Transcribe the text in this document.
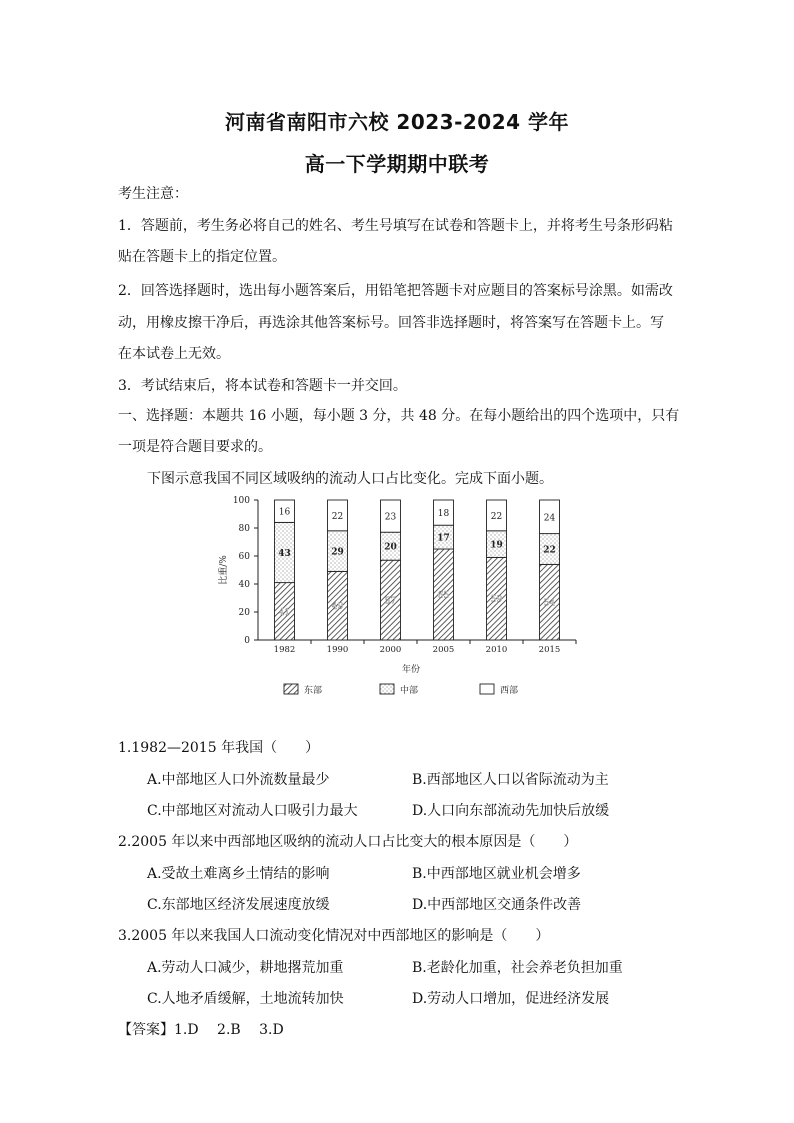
河南省南阳市六校 2023-2024 学年
高一下学期期中联考
考生注意：
1．答题前，考生务必将自己的姓名、考生号填写在试卷和答题卡上，并将考生号条形码粘
贴在答题卡上的指定位置。
2．回答选择题时，选出每小题答案后，用铅笔把答题卡对应题目的答案标号涂黑。如需改
动，用橡皮擦干净后，再选涂其他答案标号。回答非选择题时，将答案写在答题卡上。写
在本试卷上无效。
3．考试结束后，将本试卷和答题卡一并交回。
一、选择题：本题共 16 小题，每小题 3 分，共 48 分。在每小题给出的四个选项中，只有
一项是符合题目要求的。
下图示意我国不同区域吸纳的流动人口占比变化。完成下面小题。
0
20
40
60
80
100
比重/%
41
43
16
1982
49
29
22
1990
57
20
23
2000
65
17
18
2005
59
19
22
2010
54
22
24
2015
年份
东部	中部	西部
1.1982—2015 年我国（　　）
A.中部地区人口外流数量最少	B.西部地区人口以省际流动为主
C.中部地区对流动人口吸引力最大	D.人口向东部流动先加快后放缓
2.2005 年以来中西部地区吸纳的流动人口占比变大的根本原因是（　　）
A.受故土难离乡土情结的影响	B.中西部地区就业机会增多
C.东部地区经济发展速度放缓	D.中西部地区交通条件改善
3.2005 年以来我国人口流动变化情况对中西部地区的影响是（　　）
A.劳动人口减少，耕地撂荒加重	B.老龄化加重，社会养老负担加重
C.人地矛盾缓解，土地流转加快	D.劳动人口增加，促进经济发展
【答案】1.D　 2.B　 3.D
